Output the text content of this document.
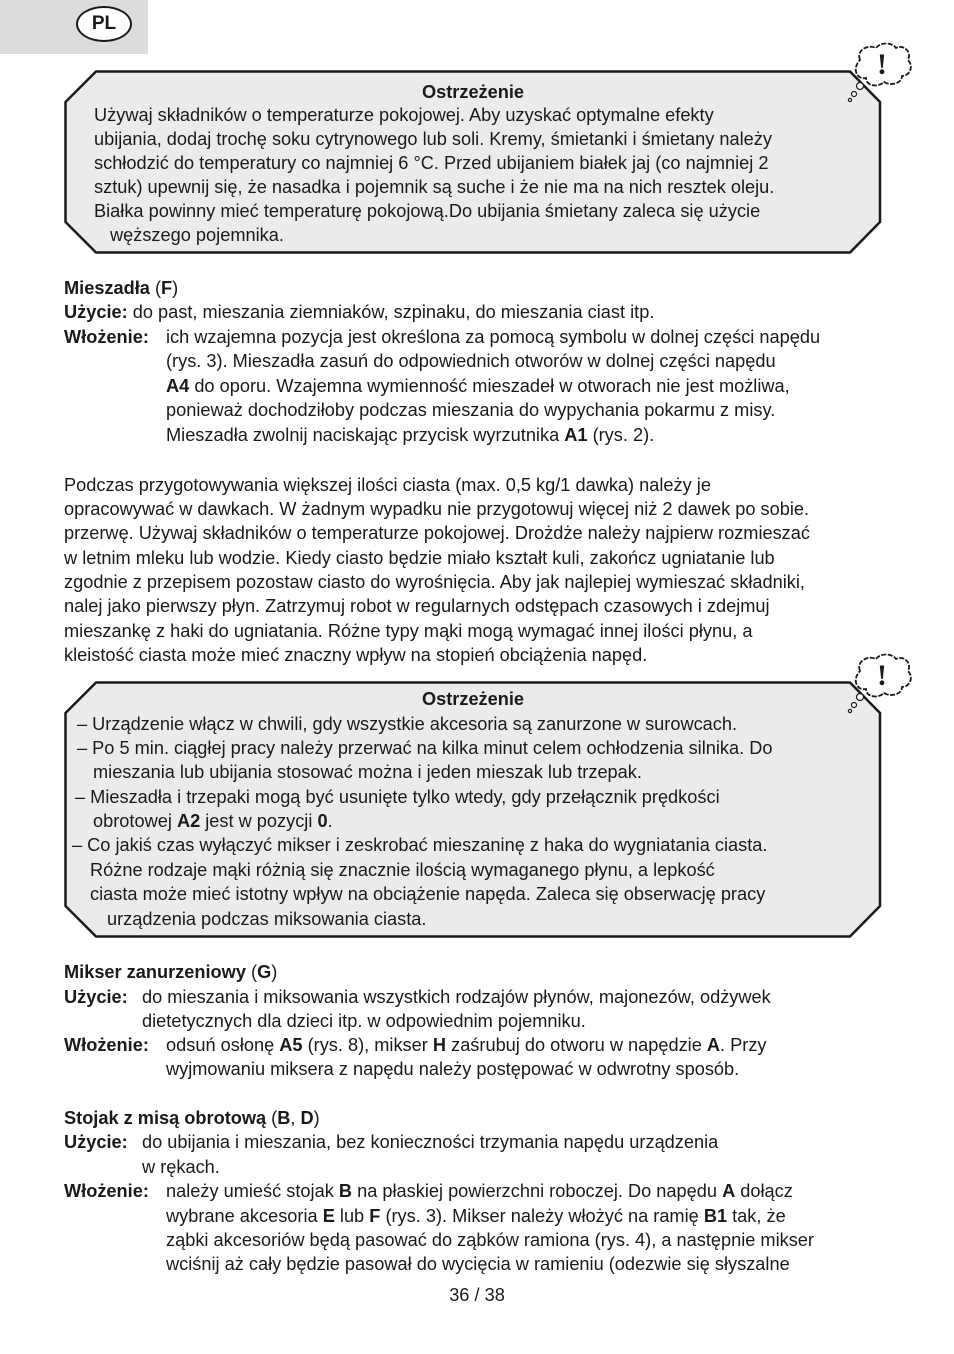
PL
!
Ostrzeżenie
Używaj składników o temperaturze pokojowej. Aby uzyskać optymalne efekty
ubijania, dodaj trochę soku cytrynowego lub soli. Kremy, śmietanki i śmietany należy
schłodzić do temperatury co najmniej 6 °C. Przed ubijaniem białek jaj (co najmniej 2
sztuk) upewnij się, że nasadka i pojemnik są suche i że nie ma na nich resztek oleju.
Białka powinny mieć temperaturę pokojową.Do ubijania śmietany zaleca się użycie
węższego pojemnika.
Mieszadła (F)
Użycie: do past, mieszania ziemniaków, szpinaku, do mieszania ciast itp.
Włożenie: ich wzajemna pozycja jest określona za pomocą symbolu w dolnej części napędu
(rys. 3). Mieszadła zasuń do odpowiednich otworów w dolnej części napędu
A4 do oporu. Wzajemna wymienność mieszadeł w otworach nie jest możliwa,
ponieważ dochodziłoby podczas mieszania do wypychania pokarmu z misy.
Mieszadła zwolnij naciskając przycisk wyrzutnika A1 (rys. 2).
Podczas przygotowywania większej ilości ciasta (max. 0,5 kg/1 dawka) należy je
opracowywać w dawkach. W żadnym wypadku nie przygotowuj więcej niż 2 dawek po sobie.
przerwę. Używaj składników o temperaturze pokojowej. Drożdże należy najpierw rozmieszać
w letnim mleku lub wodzie. Kiedy ciasto będzie miało kształt kuli, zakończ ugniatanie lub
zgodnie z przepisem pozostaw ciasto do wyrośnięcia. Aby jak najlepiej wymieszać składniki,
nalej jako pierwszy płyn. Zatrzymuj robot w regularnych odstępach czasowych i zdejmuj
mieszankę z haki do ugniatania. Różne typy mąki mogą wymagać innej ilości płynu, a
kleistość ciasta może mieć znaczny wpływ na stopień obciążenia napęd.
!
Ostrzeżenie
– Urządzenie włącz w chwili, gdy wszystkie akcesoria są zanurzone w surowcach.
– Po 5 min. ciągłej pracy należy przerwać na kilka minut celem ochłodzenia silnika. Do
mieszania lub ubijania stosować można i jeden mieszak lub trzepak.
– Mieszadła i trzepaki mogą być usunięte tylko wtedy, gdy przełącznik prędkości
obrotowej A2 jest w pozycji 0.
– Co jakiś czas wyłączyć mikser i zeskrobać mieszaninę z haka do wygniatania ciasta.
Różne rodzaje mąki różnią się znacznie ilością wymaganego płynu, a lepkość
ciasta może mieć istotny wpływ na obciążenie napęda. Zaleca się obserwację pracy
urządzenia podczas miksowania ciasta.
Mikser zanurzeniowy (G)
Użycie: do mieszania i miksowania wszystkich rodzajów płynów, majonezów, odżywek
dietetycznych dla dzieci itp. w odpowiednim pojemniku.
Włożenie: odsuń osłonę A5 (rys. 8), mikser H zaśrubuj do otworu w napędzie A. Przy
wyjmowaniu miksera z napędu należy postępować w odwrotny sposób.
Stojak z misą obrotową (B, D)
Użycie: do ubijania i mieszania, bez konieczności trzymania napędu urządzenia
w rękach.
Włożenie: należy umieść stojak B na płaskiej powierzchni roboczej. Do napędu A dołącz
wybrane akcesoria E lub F (rys. 3). Mikser należy włożyć na ramię B1 tak, że
ząbki akcesoriów będą pasować do ząbków ramiona (rys. 4), a następnie mikser
wciśnij aż cały będzie pasował do wycięcia w ramieniu (odezwie się słyszalne
36 / 38
